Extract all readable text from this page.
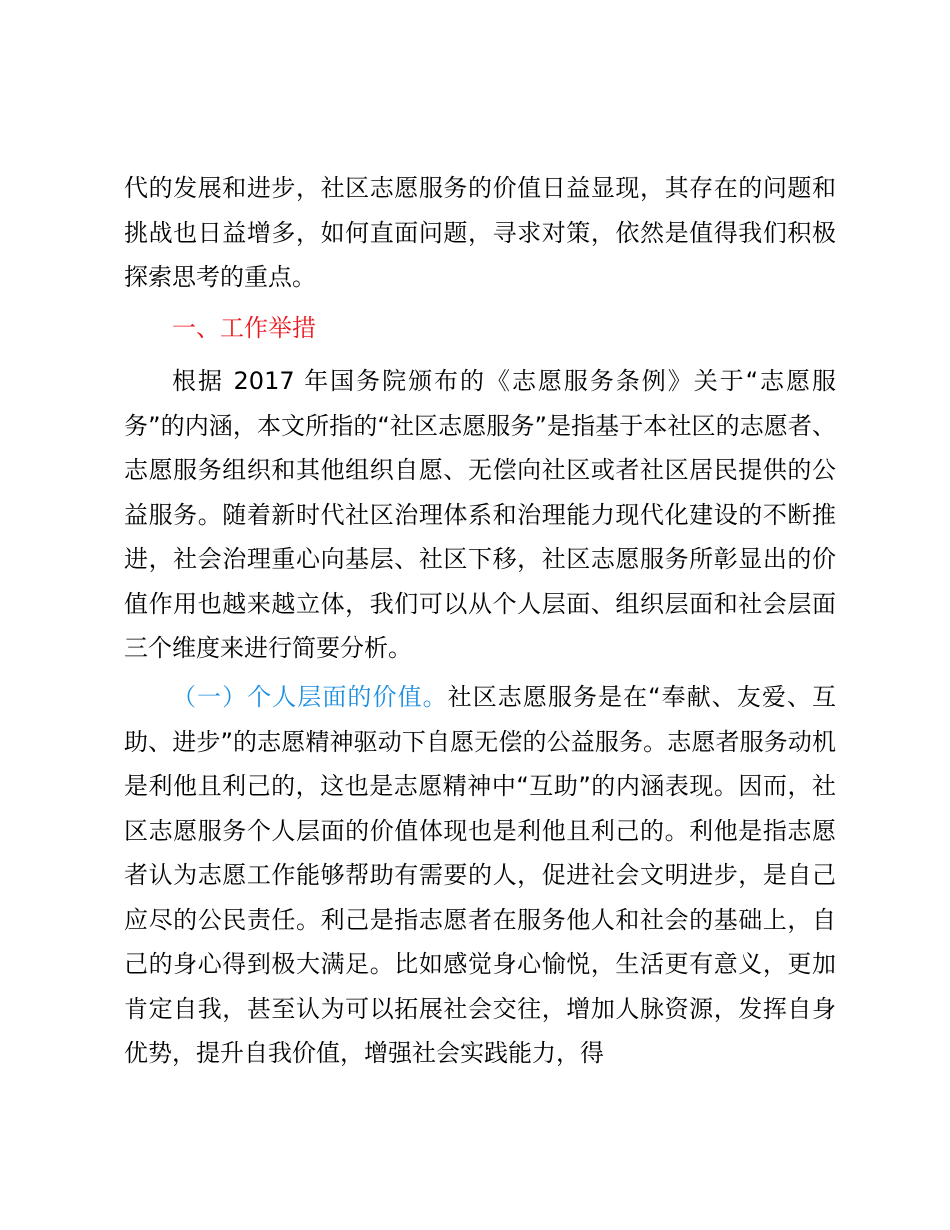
代的发展和进步，社区志愿服务的价值日益显现，其存在的问题和挑战也日益增多，如何直面问题，寻求对策，依然是值得我们积极探索思考的重点。
一、工作举措
根据 2017 年国务院颁布的《志愿服务条例》关于“志愿服务”的内涵，本文所指的“社区志愿服务”是指基于本社区的志愿者、志愿服务组织和其他组织自愿、无偿向社区或者社区居民提供的公益服务。随着新时代社区治理体系和治理能力现代化建设的不断推进，社会治理重心向基层、社区下移，社区志愿服务所彰显出的价值作用也越来越立体，我们可以从个人层面、组织层面和社会层面三个维度来进行简要分析。
（一）个人层面的价值。社区志愿服务是在“奉献、友爱、互助、进步”的志愿精神驱动下自愿无偿的公益服务。志愿者服务动机是利他且利己的，这也是志愿精神中“互助”的内涵表现。因而，社区志愿服务个人层面的价值体现也是利他且利己的。利他是指志愿者认为志愿工作能够帮助有需要的人，促进社会文明进步，是自己应尽的公民责任。利己是指志愿者在服务他人和社会的基础上，自己的身心得到极大满足。比如感觉身心愉悦，生活更有意义，更加肯定自我，甚至认为可以拓展社会交往，增加人脉资源，发挥自身优势，提升自我价值，增强社会实践能力，得
